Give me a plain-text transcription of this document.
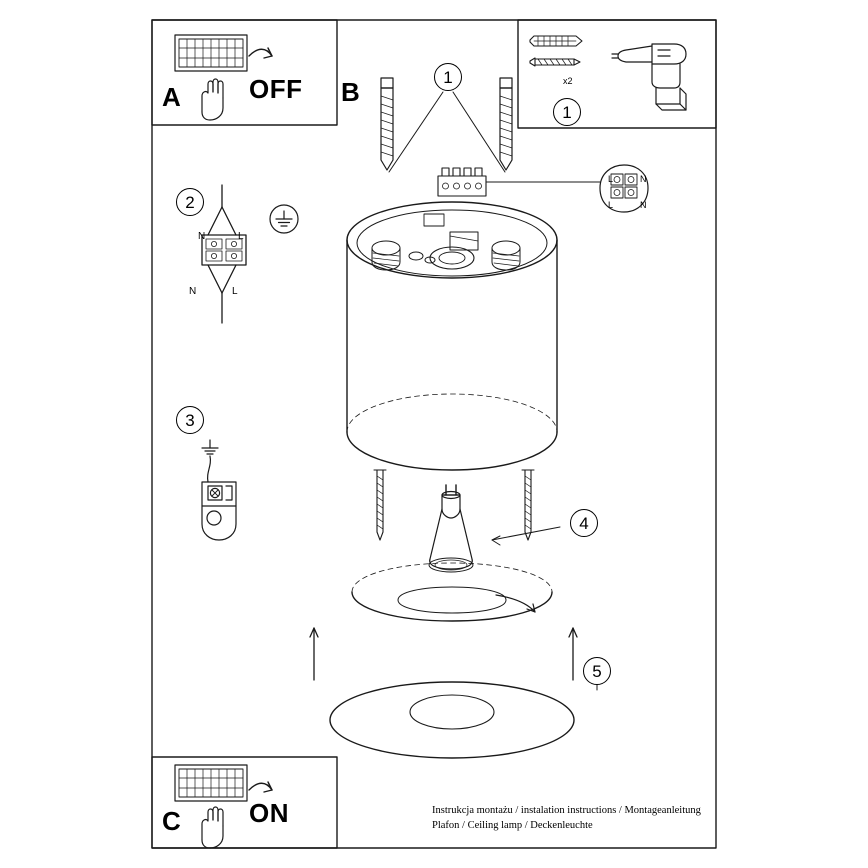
A	OFF B
C	ON
x2
1
1
2
3
4
5
N	L
N	L
L	N
L	N
Instrukcja montażu / instalation instructions / Montageanleitung
Plafon / Ceiling lamp / Deckenleuchte
